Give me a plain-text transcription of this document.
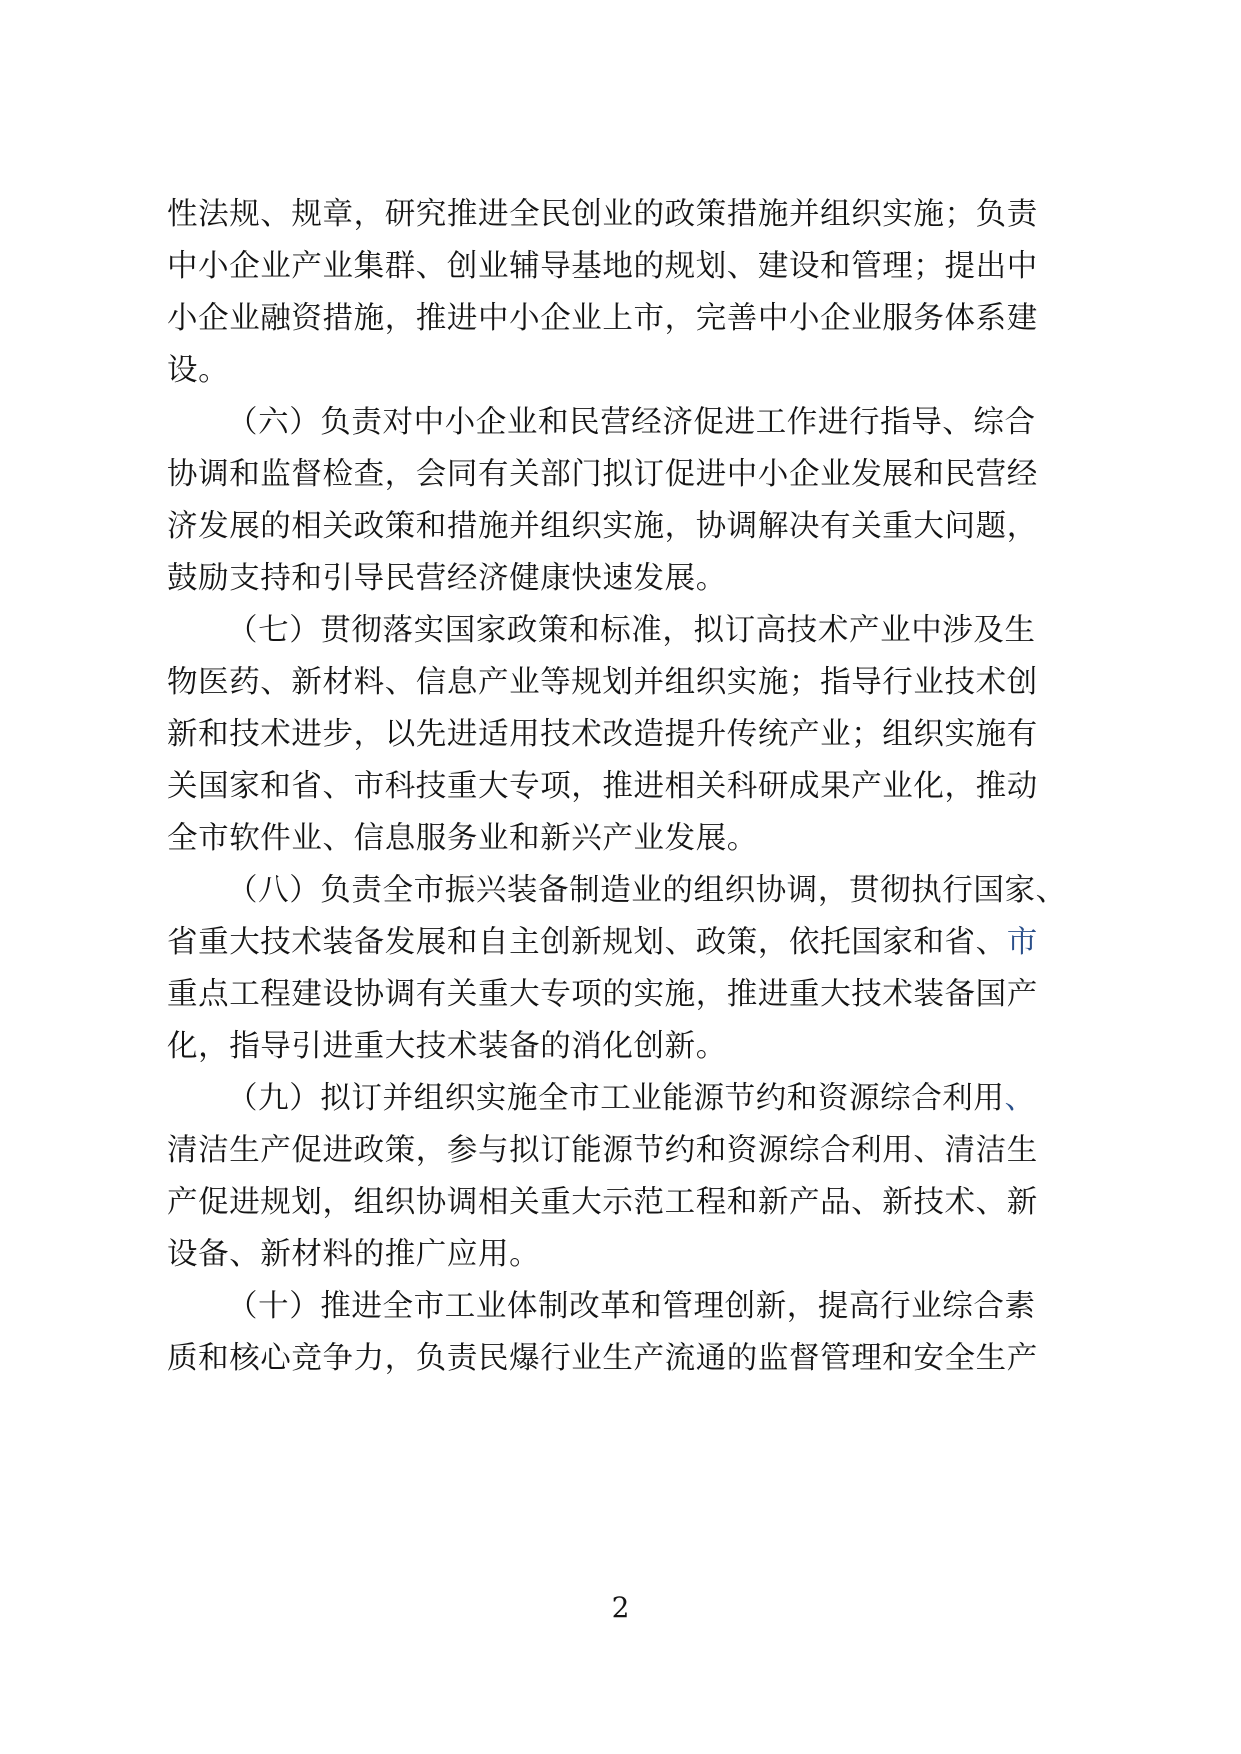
性法规、规章，研究推进全民创业的政策措施并组织实施；负责
中小企业产业集群、创业辅导基地的规划、建设和管理；提出中
小企业融资措施，推进中小企业上市，完善中小企业服务体系建
设。
（六）负责对中小企业和民营经济促进工作进行指导、综合
协调和监督检查，会同有关部门拟订促进中小企业发展和民营经
济发展的相关政策和措施并组织实施，协调解决有关重大问题，
鼓励支持和引导民营经济健康快速发展。
（七）贯彻落实国家政策和标准，拟订高技术产业中涉及生
物医药、新材料、信息产业等规划并组织实施；指导行业技术创
新和技术进步，以先进适用技术改造提升传统产业；组织实施有
关国家和省、市科技重大专项，推进相关科研成果产业化，推动
全市软件业、信息服务业和新兴产业发展。
（八）负责全市振兴装备制造业的组织协调，贯彻执行国家、
省重大技术装备发展和自主创新规划、政策，依托国家和省、市
重点工程建设协调有关重大专项的实施，推进重大技术装备国产
化，指导引进重大技术装备的消化创新。
（九）拟订并组织实施全市工业能源节约和资源综合利用、
清洁生产促进政策，参与拟订能源节约和资源综合利用、清洁生
产促进规划，组织协调相关重大示范工程和新产品、新技术、新
设备、新材料的推广应用。
（十）推进全市工业体制改革和管理创新，提高行业综合素
质和核心竞争力，负责民爆行业生产流通的监督管理和安全生产
2
